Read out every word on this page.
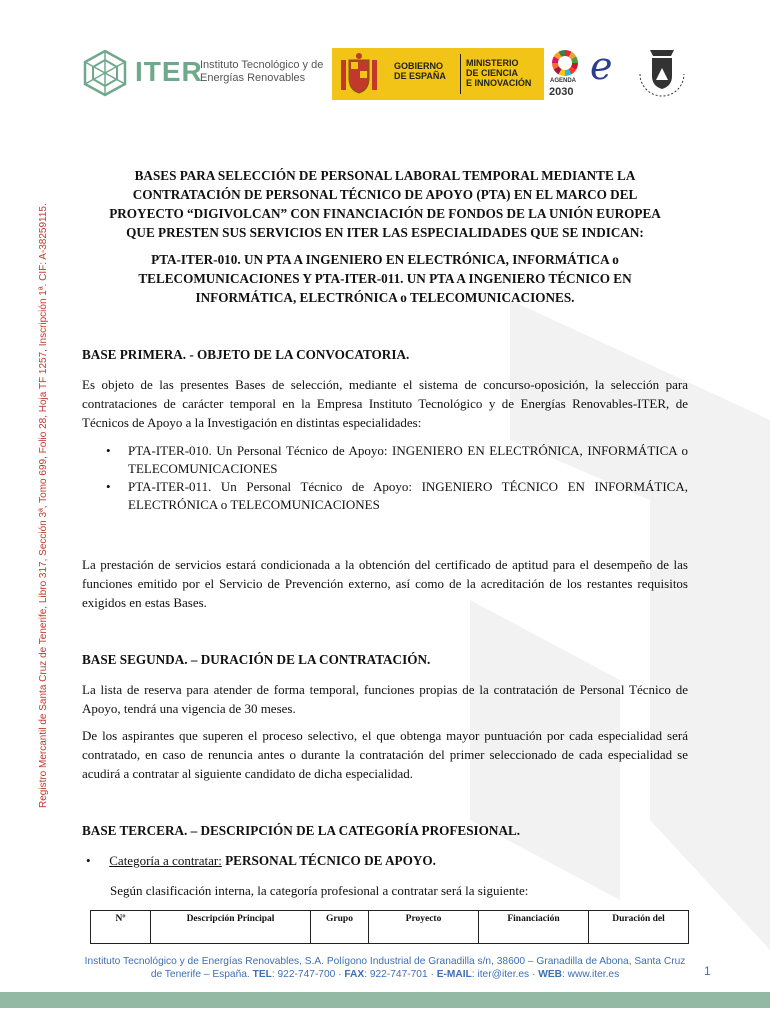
ITER
Instituto Tecnológico y de
Energías Renovables
GOBIERNO
DE ESPAÑA
MINISTERIO
DE CIENCIA
E INNOVACIÓN	AGENDA
2030
e
Registro Mercantil de Santa Cruz de Tenerife, Libro 317, Sección 3ª, Tomo 699, Folio 28, Hoja TF 1257, Inscripción 1ª. CIF: A-38259115.
BASES PARA SELECCIÓN DE PERSONAL LABORAL TEMPORAL MEDIANTE LA
CONTRATACIÓN DE PERSONAL TÉCNICO DE APOYO (PTA) EN EL MARCO DEL
PROYECTO “DIGIVOLCAN” CON FINANCIACIÓN DE FONDOS DE LA UNIÓN EUROPEA
QUE PRESTEN SUS SERVICIOS EN ITER LAS ESPECIALIDADES QUE SE INDICAN:
PTA-ITER-010. UN PTA A INGENIERO EN ELECTRÓNICA, INFORMÁTICA o
TELECOMUNICACIONES Y PTA-ITER-011. UN PTA A INGENIERO TÉCNICO EN
INFORMÁTICA, ELECTRÓNICA o TELECOMUNICACIONES.
BASE PRIMERA. - OBJETO DE LA CONVOCATORIA.
Es objeto de las presentes Bases de selección, mediante el sistema de concurso-oposición, la selección para contrataciones de carácter temporal en la Empresa Instituto Tecnológico y de Energías Renovables-ITER, de Técnicos de Apoyo a la Investigación en distintas especialidades:
• PTA-ITER-010. Un Personal Técnico de Apoyo: INGENIERO EN ELECTRÓNICA, INFORMÁTICA o TELECOMUNICACIONES
• PTA-ITER-011. Un Personal Técnico de Apoyo: INGENIERO TÉCNICO EN INFORMÁTICA, ELECTRÓNICA o TELECOMUNICACIONES
La prestación de servicios estará condicionada a la obtención del certificado de aptitud para el desempeño de las funciones emitido por el Servicio de Prevención externo, así como de la acreditación de los restantes requisitos exigidos en estas Bases.
BASE SEGUNDA. – DURACIÓN DE LA CONTRATACIÓN.
La lista de reserva para atender de forma temporal, funciones propias de la contratación de Personal Técnico de Apoyo, tendrá una vigencia de 30 meses.
De los aspirantes que superen el proceso selectivo, el que obtenga mayor puntuación por cada especialidad será contratado, en caso de renuncia antes o durante la contratación del primer seleccionado de cada especialidad se acudirá a contratar al siguiente candidato de dicha especialidad.
BASE TERCERA. – DESCRIPCIÓN DE LA CATEGORÍA PROFESIONAL.
• Categoría a contratar: PERSONAL TÉCNICO DE APOYO.
Según clasificación interna, la categoría profesional a contratar será la siguiente:
Nº	Descripción Principal	Grupo	Proyecto	Financiación	Duración del
Instituto Tecnológico y de Energías Renovables, S.A. Polígono Industrial de Granadilla s/n, 38600 – Granadilla de Abona, Santa Cruz
de Tenerife – España. TEL: 922-747-700 · FAX: 922-747-701 · E-MAIL: iter@iter.es · WEB: www.iter.es	1
